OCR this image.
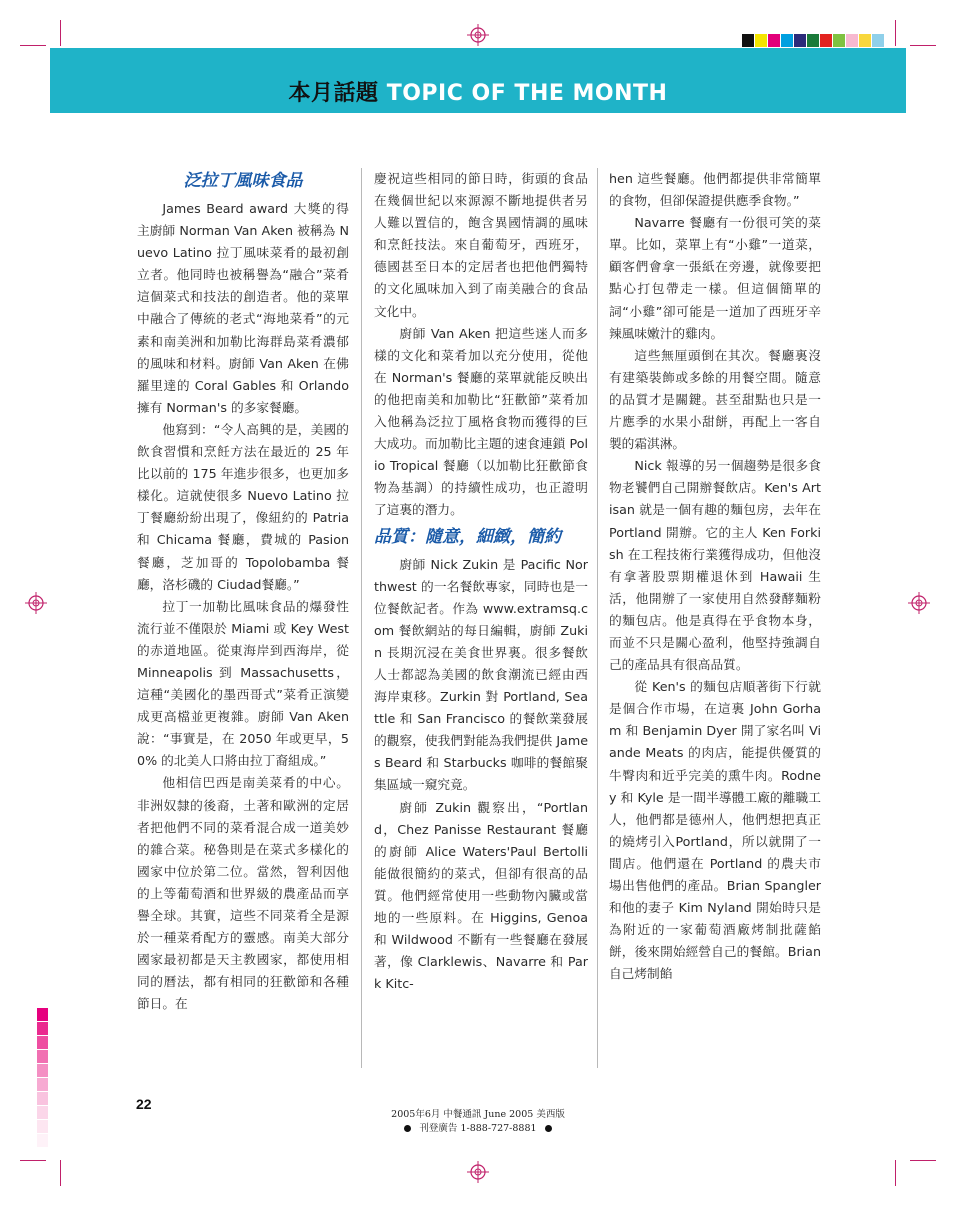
本月話題 TOPIC OF THE MONTH
泛拉丁風味食品

James Beard award 大獎的得主廚師 Norman Van Aken 被稱為 Nuevo Latino 拉丁風味菜肴的最初創立者。他同時也被稱譽為“融合”菜肴這個菜式和技法的創造者。他的菜單中融合了傳統的老式“海地菜肴”的元素和南美洲和加勒比海群島菜肴濃郁的風味和材料。廚師 Van Aken 在佛羅里達的 Coral Gables 和 Orlando 擁有 Norman's 的多家餐廳。

他寫到：“令人高興的是，美國的飲食習慣和烹飪方法在最近的 25 年比以前的 175 年進步很多，也更加多樣化。這就使很多 Nuevo Latino 拉丁餐廳紛紛出現了，像紐約的 Patria 和 Chicama 餐廳，費城的 Pasion 餐廳，芝加哥的 Topolobamba 餐廳，洛杉磯的 Ciudad餐廳。”

拉丁一加勒比風味食品的爆發性流行並不僅限於 Miami 或 Key West 的赤道地區。從東海岸到西海岸，從 Minneapolis 到 Massachusetts，這種“美國化的墨西哥式”菜肴正演變成更高檔並更複雜。廚師 Van Aken 說：“事實是，在 2050 年或更早，50% 的北美人口將由拉丁裔組成。”

他相信巴西是南美菜肴的中心。非洲奴隸的後裔，土著和歐洲的定居者把他們不同的菜肴混合成一道美妙的雜合菜。秘魯則是在菜式多樣化的國家中位於第二位。當然，智利因他的上等葡萄酒和世界級的農產品而享譽全球。其實，這些不同菜肴全是源於一種菜肴配方的靈感。南美大部分國家最初都是天主教國家，都使用相同的曆法，都有相同的狂歡節和各種節日。在

慶祝這些相同的節日時，街頭的食品在幾個世紀以來源源不斷地提供者另人難以置信的，飽含異國情調的風味和烹飪技法。來自葡萄牙，西班牙，德國甚至日本的定居者也把他們獨特的文化風味加入到了南美融合的食品文化中。

廚師 Van Aken 把這些迷人而多樣的文化和菜肴加以充分使用，從他在 Norman's 餐廳的菜單就能反映出的他把南美和加勒比“狂歡節”菜肴加入他稱為泛拉丁風格食物而獲得的巨大成功。而加勒比主題的速食連鎖 Polio Tropical 餐廳（以加勒比狂歡節食物為基調）的持續性成功，也正證明了這裏的潛力。

品質：隨意，細緻，簡約

廚師 Nick Zukin 是 Pacific Northwest 的一名餐飲專家，同時也是一位餐飲記者。作為 www.extramsq.com 餐飲網站的每日編輯，廚師 Zukin 長期沉浸在美食世界裏。很多餐飲人士都認為美國的飲食潮流已經由西海岸東移。Zurkin 對 Portland, Seattle 和 San Francisco 的餐飲業發展的觀察，使我們對能為我們提供 James Beard 和 Starbucks 咖啡的餐館聚集區域一窺究竟。

廚師 Zukin 觀察出，“Portland，Chez Panisse Restaurant 餐廳的廚師 Alice Waters'Paul Bertolli 能做很簡約的菜式，但卻有很高的品質。他們經常使用一些動物內臟或當地的一些原料。在 Higgins, Genoa 和 Wildwood 不斷有一些餐廳在發展著，像 Clarklewis、Navarre 和 Park Kitc-

hen 這些餐廳。他們都提供非常簡單的食物，但卻保證提供應季食物。”

Navarre 餐廳有一份很可笑的菜單。比如，菜單上有“小雞”一道菜，顧客們會拿一張紙在旁邊，就像要把點心打包帶走一樣。但這個簡單的詞“小雞”卻可能是一道加了西班牙辛辣風味嫩汁的雞肉。

這些無厘頭倒在其次。餐廳裏沒有建築裝飾或多餘的用餐空間。隨意的品質才是關鍵。甚至甜點也只是一片應季的水果小甜餅，再配上一客自製的霜淇淋。

Nick 報導的另一個趨勢是很多食物老饕們自己開辦餐飲店。Ken's Artisan 就是一個有趣的麵包房，去年在 Portland 開辦。它的主人 Ken Forkish 在工程技術行業獲得成功，但他沒有拿著股票期權退休到 Hawaii 生活，他開辦了一家使用自然發酵麵粉的麵包店。他是真得在乎食物本身，而並不只是關心盈利，他堅持強調自己的產品具有很高品質。

從 Ken's 的麵包店順著街下行就是個合作市場，在這裏 John Gorham 和 Benjamin Dyer 開了家名叫 Viande Meats 的肉店，能提供優質的牛臀肉和近乎完美的熏牛肉。Rodney 和 Kyle 是一間半導體工廠的離職工人，他們都是德州人，他們想把真正的燒烤引入Portland，所以就開了一間店。他們還在 Portland 的農夫市場出售他們的產品。Brian Spangler 和他的妻子 Kim Nyland 開始時只是為附近的一家葡萄酒廠烤制批薩餡餅，後來開始經營自己的餐館。Brian自己烤制餡

22
2005年6月 中餐通訊 June 2005 美西版
刊登廣告 1-888-727-8881
